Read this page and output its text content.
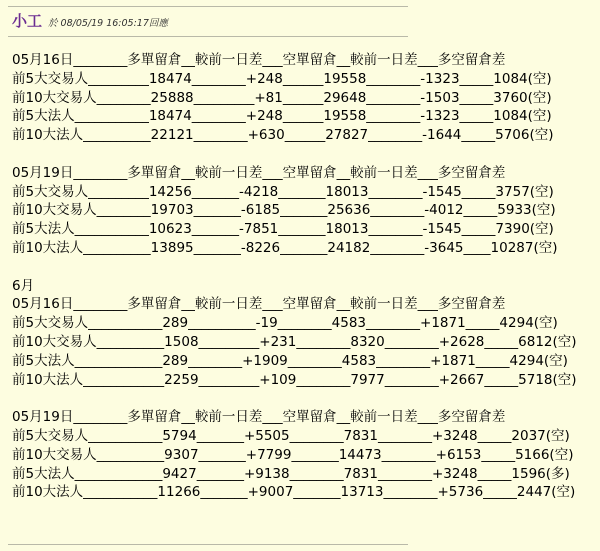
小工 於 08/05/19 16:05:17回應
05月16日________多單留倉__較前一日差___空單留倉__較前一日差___多空留倉差
前5大交易人_________18474________+248______19558________-1323_____1084(空)
前10大交易人________25888_________+81______29648________-1503_____3760(空)
前5大法人___________18474________+248______19558________-1323_____1084(空)
前10大法人__________22121________+630______27827________-1644_____5706(空)
05月19日________多單留倉__較前一日差___空單留倉__較前一日差___多空留倉差
前5大交易人_________14256_______-4218_______18013________-1545_____3757(空)
前10大交易人________19703_______-6185_______25636________-4012_____5933(空)
前5大法人___________10623_______-7851_______18013________-1545_____7390(空)
前10大法人__________13895_______-8226_______24182________-3645____10287(空)
6月
05月16日________多單留倉__較前一日差___空單留倉__較前一日差___多空留倉差
前5大交易人___________289__________-19________4583________+1871_____4294(空)
前10大交易人__________1508_________+231________8320________+2628_____6812(空)
前5大法人_____________289________+1909________4583________+1871_____4294(空)
前10大法人____________2259_________+109________7977________+2667_____5718(空)
05月19日________多單留倉__較前一日差___空單留倉__較前一日差___多空留倉差
前5大交易人___________5794_______+5505________7831________+3248_____2037(空)
前10大交易人__________9307_______+7799_______14473________+6153_____5166(空)
前5大法人_____________9427_______+9138________7831________+3248_____1596(多)
前10大法人___________11266_______+9007_______13713________+5736_____2447(空)
